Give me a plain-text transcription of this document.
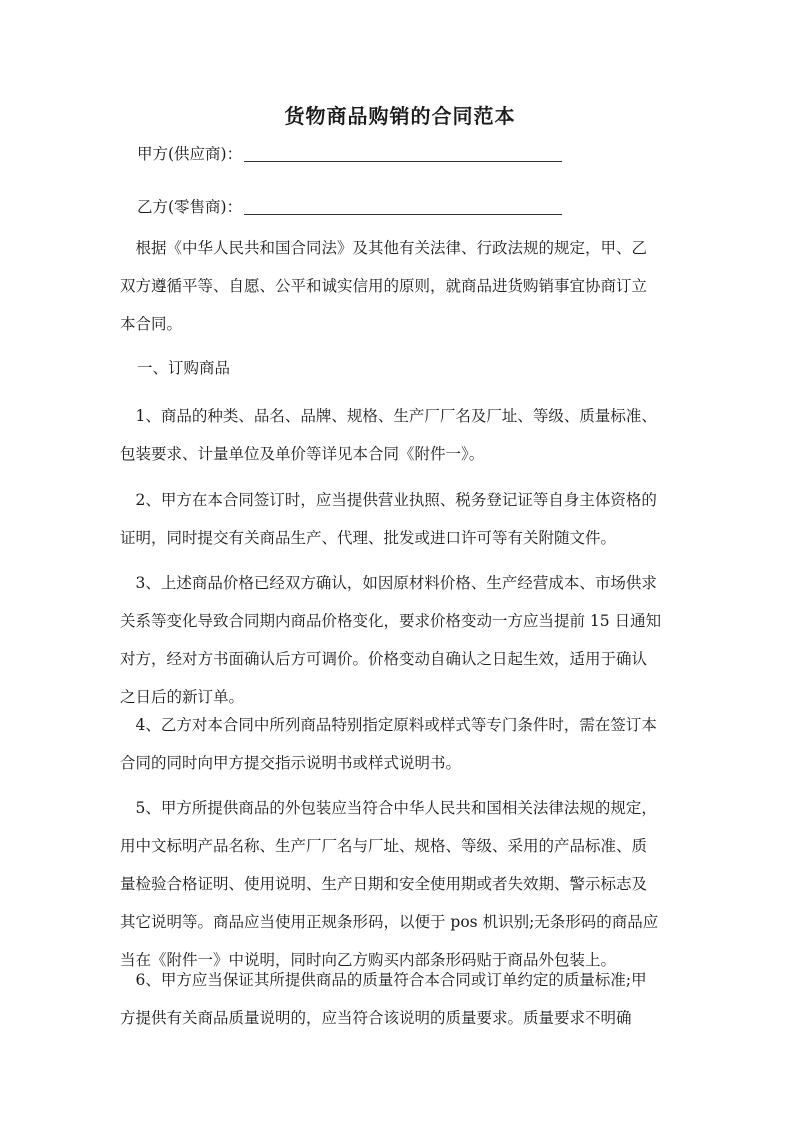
货物商品购销的合同范本
甲方(供应商)：
乙方(零售商)：

　根据《中华人民共和国合同法》及其他有关法律、行政法规的规定，甲、乙
双方遵循平等、自愿、公平和诚实信用的原则，就商品进货购销事宜协商订立
本合同。

一、订购商品

　1、商品的种类、品名、品牌、规格、生产厂厂名及厂址、等级、质量标准、
包装要求、计量单位及单价等详见本合同《附件一》。

　2、甲方在本合同签订时，应当提供营业执照、税务登记证等自身主体资格的
证明，同时提交有关商品生产、代理、批发或进口许可等有关附随文件。

　3、上述商品价格已经双方确认，如因原材料价格、生产经营成本、市场供求
关系等变化导致合同期内商品价格变化，要求价格变动一方应当提前 15 日通知
对方，经对方书面确认后方可调价。价格变动自确认之日起生效，适用于确认
之日后的新订单。

　4、乙方对本合同中所列商品特别指定原料或样式等专门条件时，需在签订本
合同的同时向甲方提交指示说明书或样式说明书。

　5、甲方所提供商品的外包装应当符合中华人民共和国相关法律法规的规定，
用中文标明产品名称、生产厂厂名与厂址、规格、等级、采用的产品标准、质
量检验合格证明、使用说明、生产日期和安全使用期或者失效期、警示标志及
其它说明等。商品应当使用正规条形码，以便于 pos 机识别;无条形码的商品应
当在《附件一》中说明，同时向乙方购买内部条形码贴于商品外包装上。

　6、甲方应当保证其所提供商品的质量符合本合同或订单约定的质量标准;甲
方提供有关商品质量说明的，应当符合该说明的质量要求。质量要求不明确
